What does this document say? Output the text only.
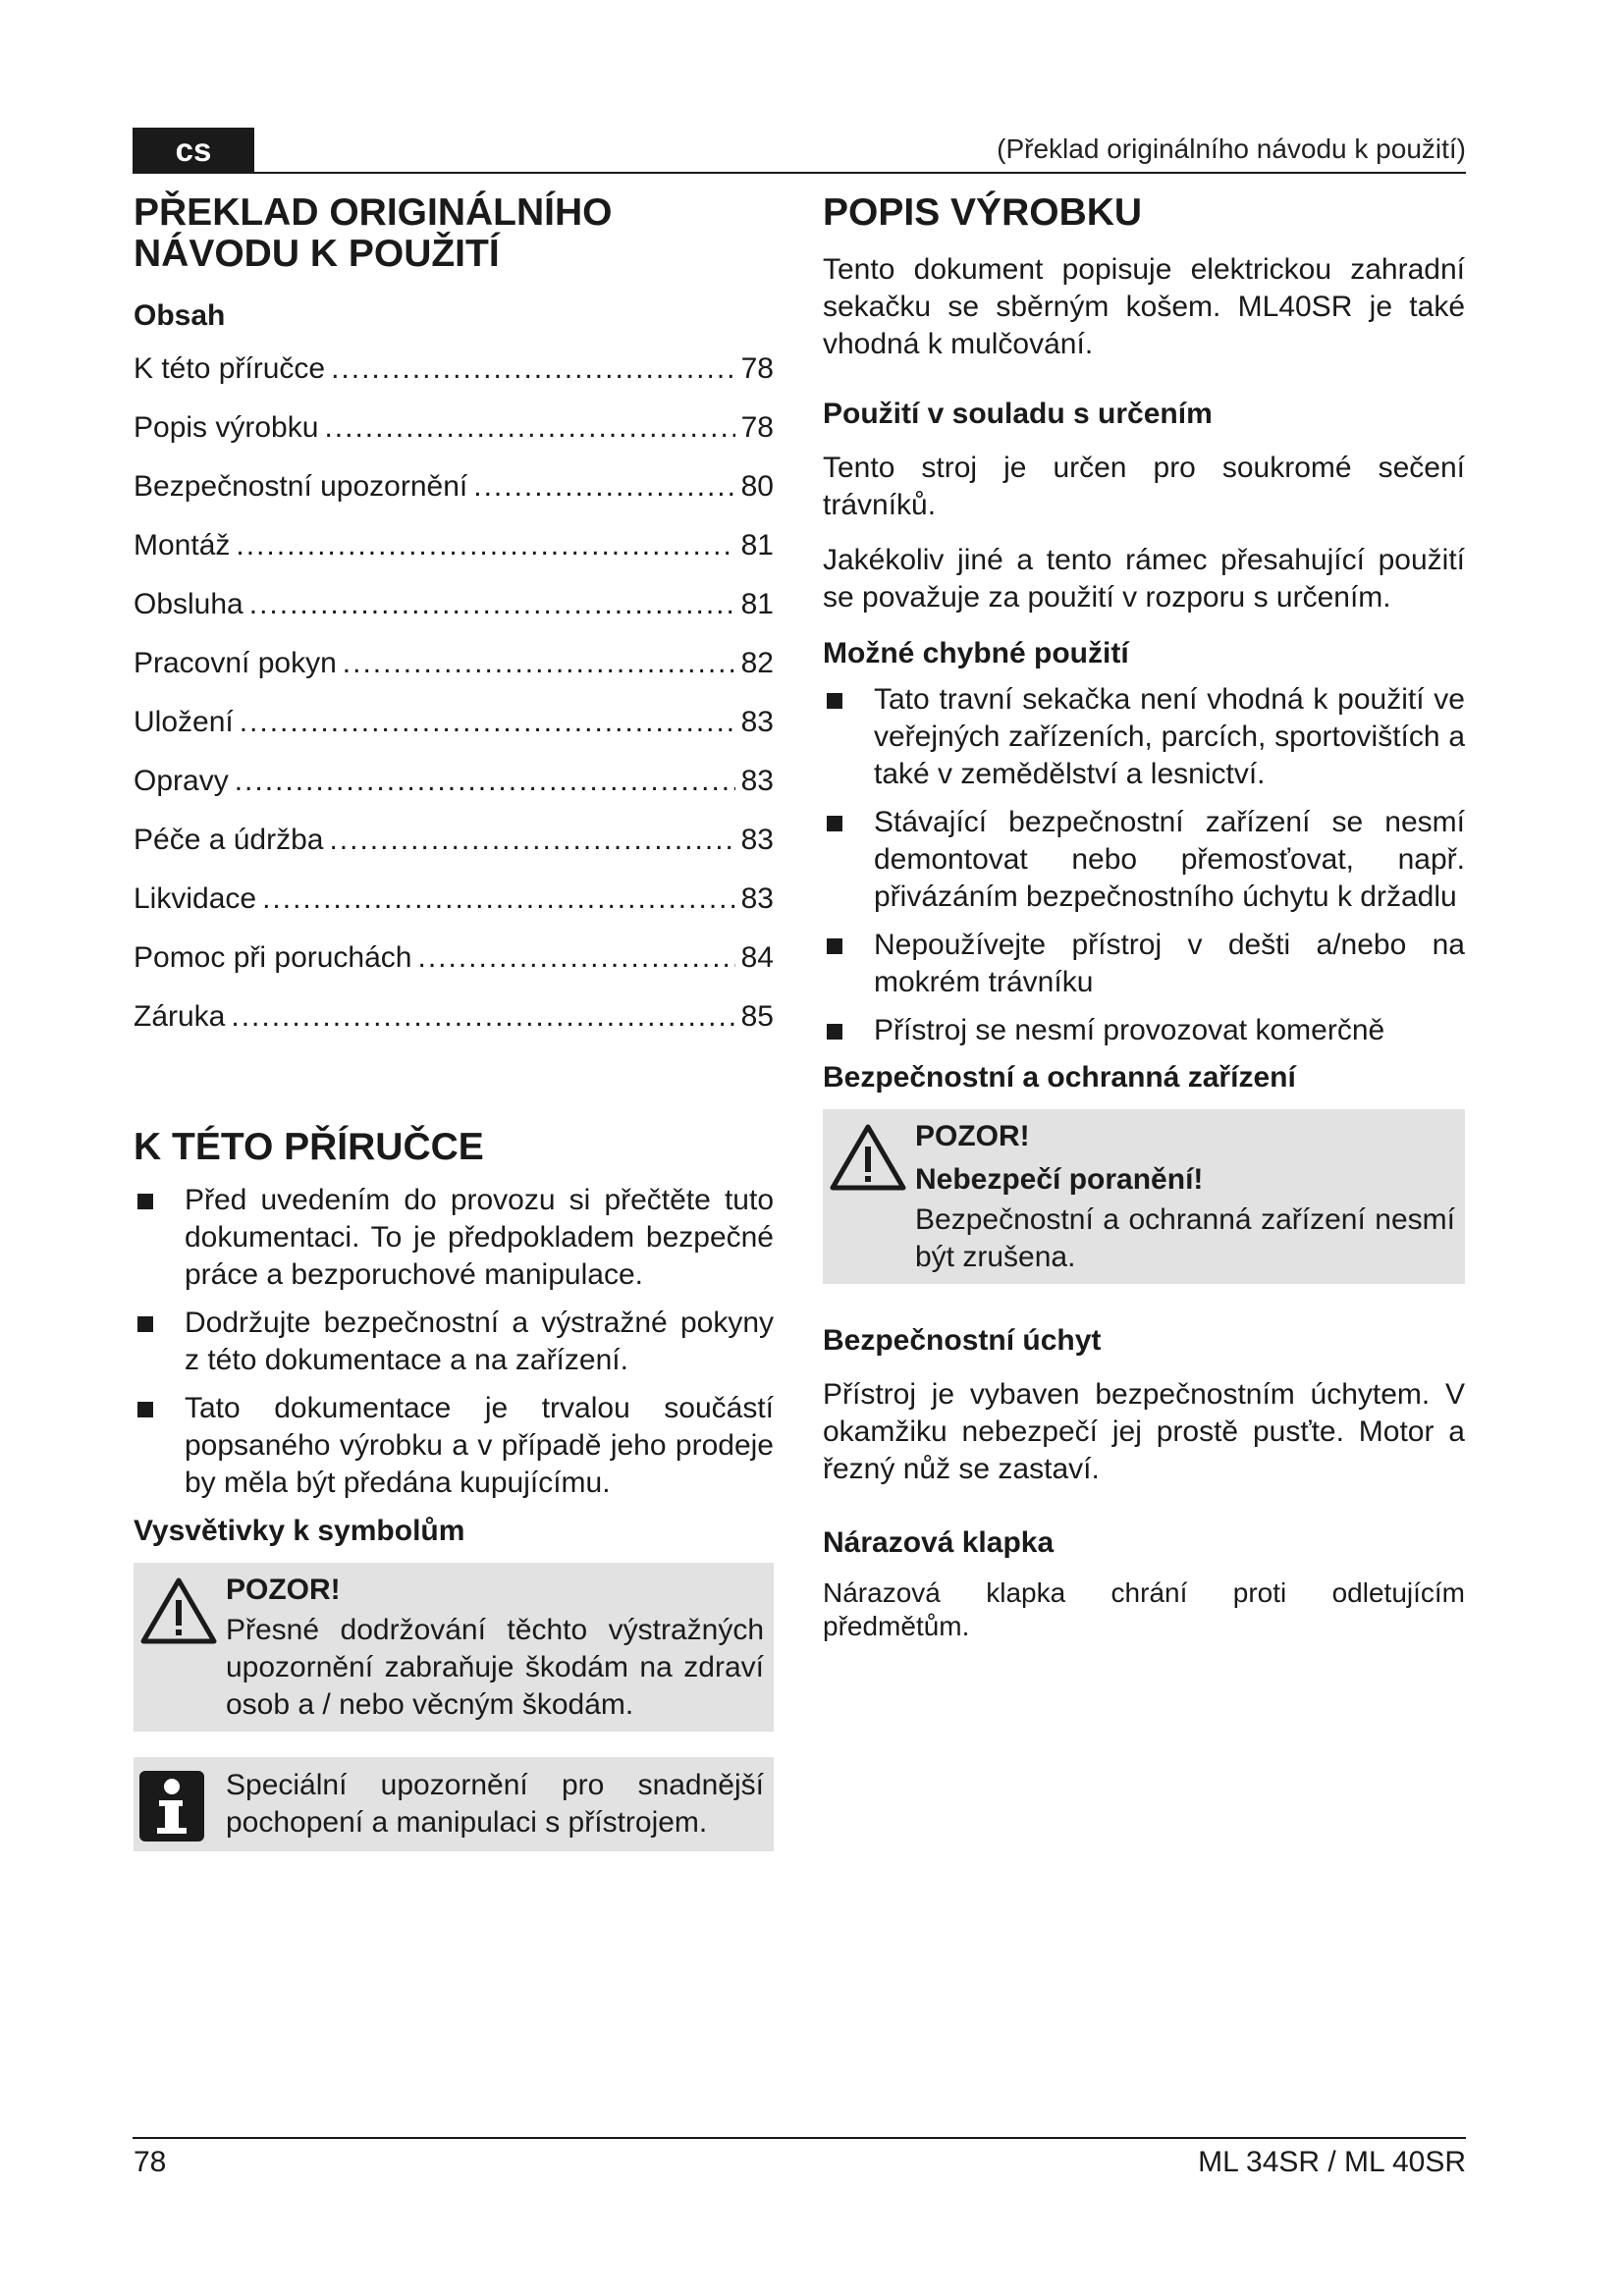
cs	(Překlad originálního návodu k použití)
PŘEKLAD ORIGINÁLNÍHO
NÁVODU K POUŽITÍ
Obsah
K této příručce .....	78
Popis výrobku .....	78
Bezpečnostní upozornění .....	80
Montáž .....	81
Obsluha .....	81
Pracovní pokyn .....	82
Uložení .....	83
Opravy .....	83
Péče a údržba .....	83
Likvidace .....	83
Pomoc při poruchách .....	84
Záruka .....	85
K TÉTO PŘÍRUČCE
Před uvedením do provozu si přečtěte tuto dokumentaci. To je předpokladem bezpečné práce a bezporuchové manipulace.
Dodržujte bezpečnostní a výstražné pokyny z této dokumentace a na zařízení.
Tato dokumentace je trvalou součástí popsaného výrobku a v případě jeho prodeje by měla být předána kupujícímu.
Vysvětivky k symbolům
POZOR!
Přesné dodržování těchto výstražných upozornění zabraňuje škodám na zdraví osob a / nebo věcným škodám.
Speciální upozornění pro snadnější pochopení a manipulaci s přístrojem.
POPIS VÝROBKU

Tento dokument popisuje elektrickou zahradní sekačku se sběrným košem. ML40SR je také vhodná k mulčování.

Použití v souladu s určením

Tento stroj je určen pro soukromé sečení trávníků.

Jakékoliv jiné a tento rámec přesahující použití se považuje za použití v rozporu s určením.

Možné chybné použití
Tato travní sekačka není vhodná k použití ve veřejných zařízeních, parcích, sportovištích a také v zemědělství a lesnictví.
Stávající bezpečnostní zařízení se nesmí demontovat nebo přemosťovat, např. přivázáním bezpečnostního úchytu k držadlu
Nepoužívejte přístroj v dešti a/nebo na mokrém trávníku
Přístroj se nesmí provozovat komerčně
Bezpečnostní a ochranná zařízení
POZOR!
Nebezpečí poranění!
Bezpečnostní a ochranná zařízení nesmí být zrušena.
Bezpečnostní úchyt

Přístroj je vybaven bezpečnostním úchytem. V okamžiku nebezpečí jej prostě pusťte. Motor a řezný nůž se zastaví.

Nárazová klapka

Nárazová klapka chrání proti odletujícím předmětům.

78	ML 34SR / ML 40SR
